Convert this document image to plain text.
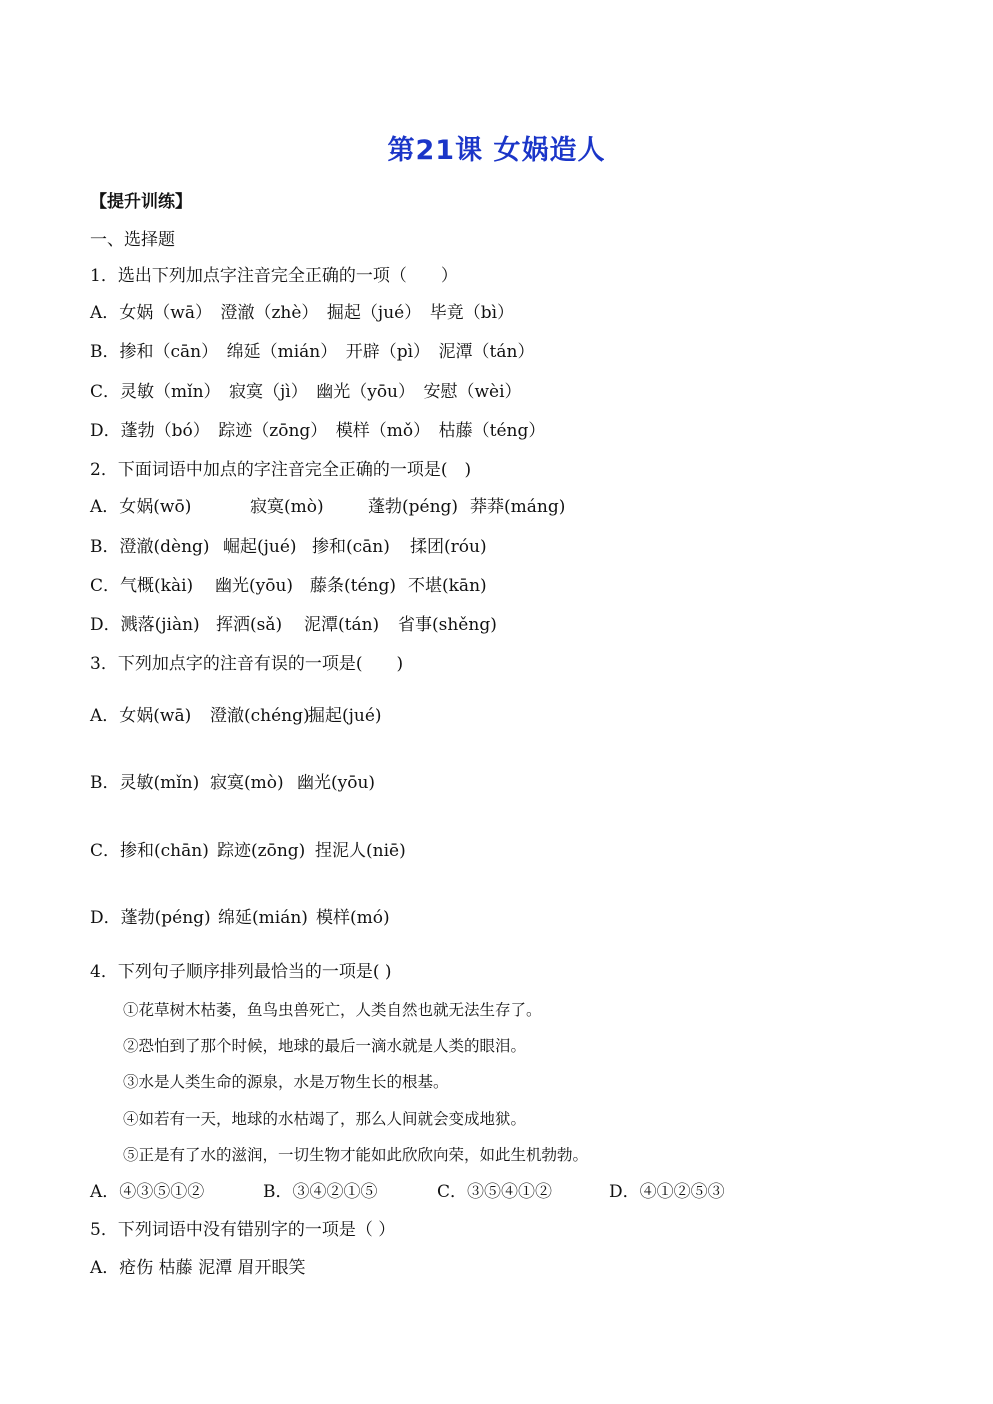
第21课 女娲造人
【提升训练】
一、选择题
1．选出下列加点字注音完全正确的一项（　　）
A．女娲（wā）　澄澈（zhè）　掘起（jué）　毕竟（bì）
B．掺和（cān）　绵延（mián）　开辟（pì）　泥潭（tán）
C．灵敏（mǐn）　寂寞（jì）　幽光（yōu）　安慰（wèi）
D．蓬勃（bó）　踪迹（zōng）　模样（mǒ）　枯藤（téng）
2．下面词语中加点的字注音完全正确的一项是(　)
A．女娲(wō)	寂寞(mò)	蓬勃(péng) 莽莽(máng)
B．澄澈(dèng) 崛起(jué) 掺和(cān) 揉团(róu)
C．气概(kài) 幽光(yōu) 藤条(téng) 不堪(kān)
D．溅落(jiàn) 挥洒(sǎ) 泥潭(tán) 省事(shěng)
3．下列加点字的注音有误的一项是(　　)
A．女娲(wā) 澄澈(chéng)
掘起(jué)
B．灵敏(mǐn) 寂寞(mò) 幽光(yōu)
C．掺和(chān) 踪迹(zōng) 捏泥人(niē)
D．蓬勃(péng) 绵延(mián) 模样(mó)
4．下列句子顺序排列最恰当的一项是( )
①花草树木枯萎，鱼鸟虫兽死亡，人类自然也就无法生存了。
②恐怕到了那个时候，地球的最后一滴水就是人类的眼泪。
③水是人类生命的源泉，水是万物生长的根基。
④如若有一天，地球的水枯竭了，那么人间就会变成地狱。
⑤正是有了水的滋润，一切生物才能如此欣欣向荣，如此生机勃勃。
A．④③⑤①②	B．③④②①⑤	C．③⑤④①②	D．④①②⑤③
5．下列词语中没有错别字的一项是（ ）
A．疮伤 枯藤 泥潭 眉开眼笑
